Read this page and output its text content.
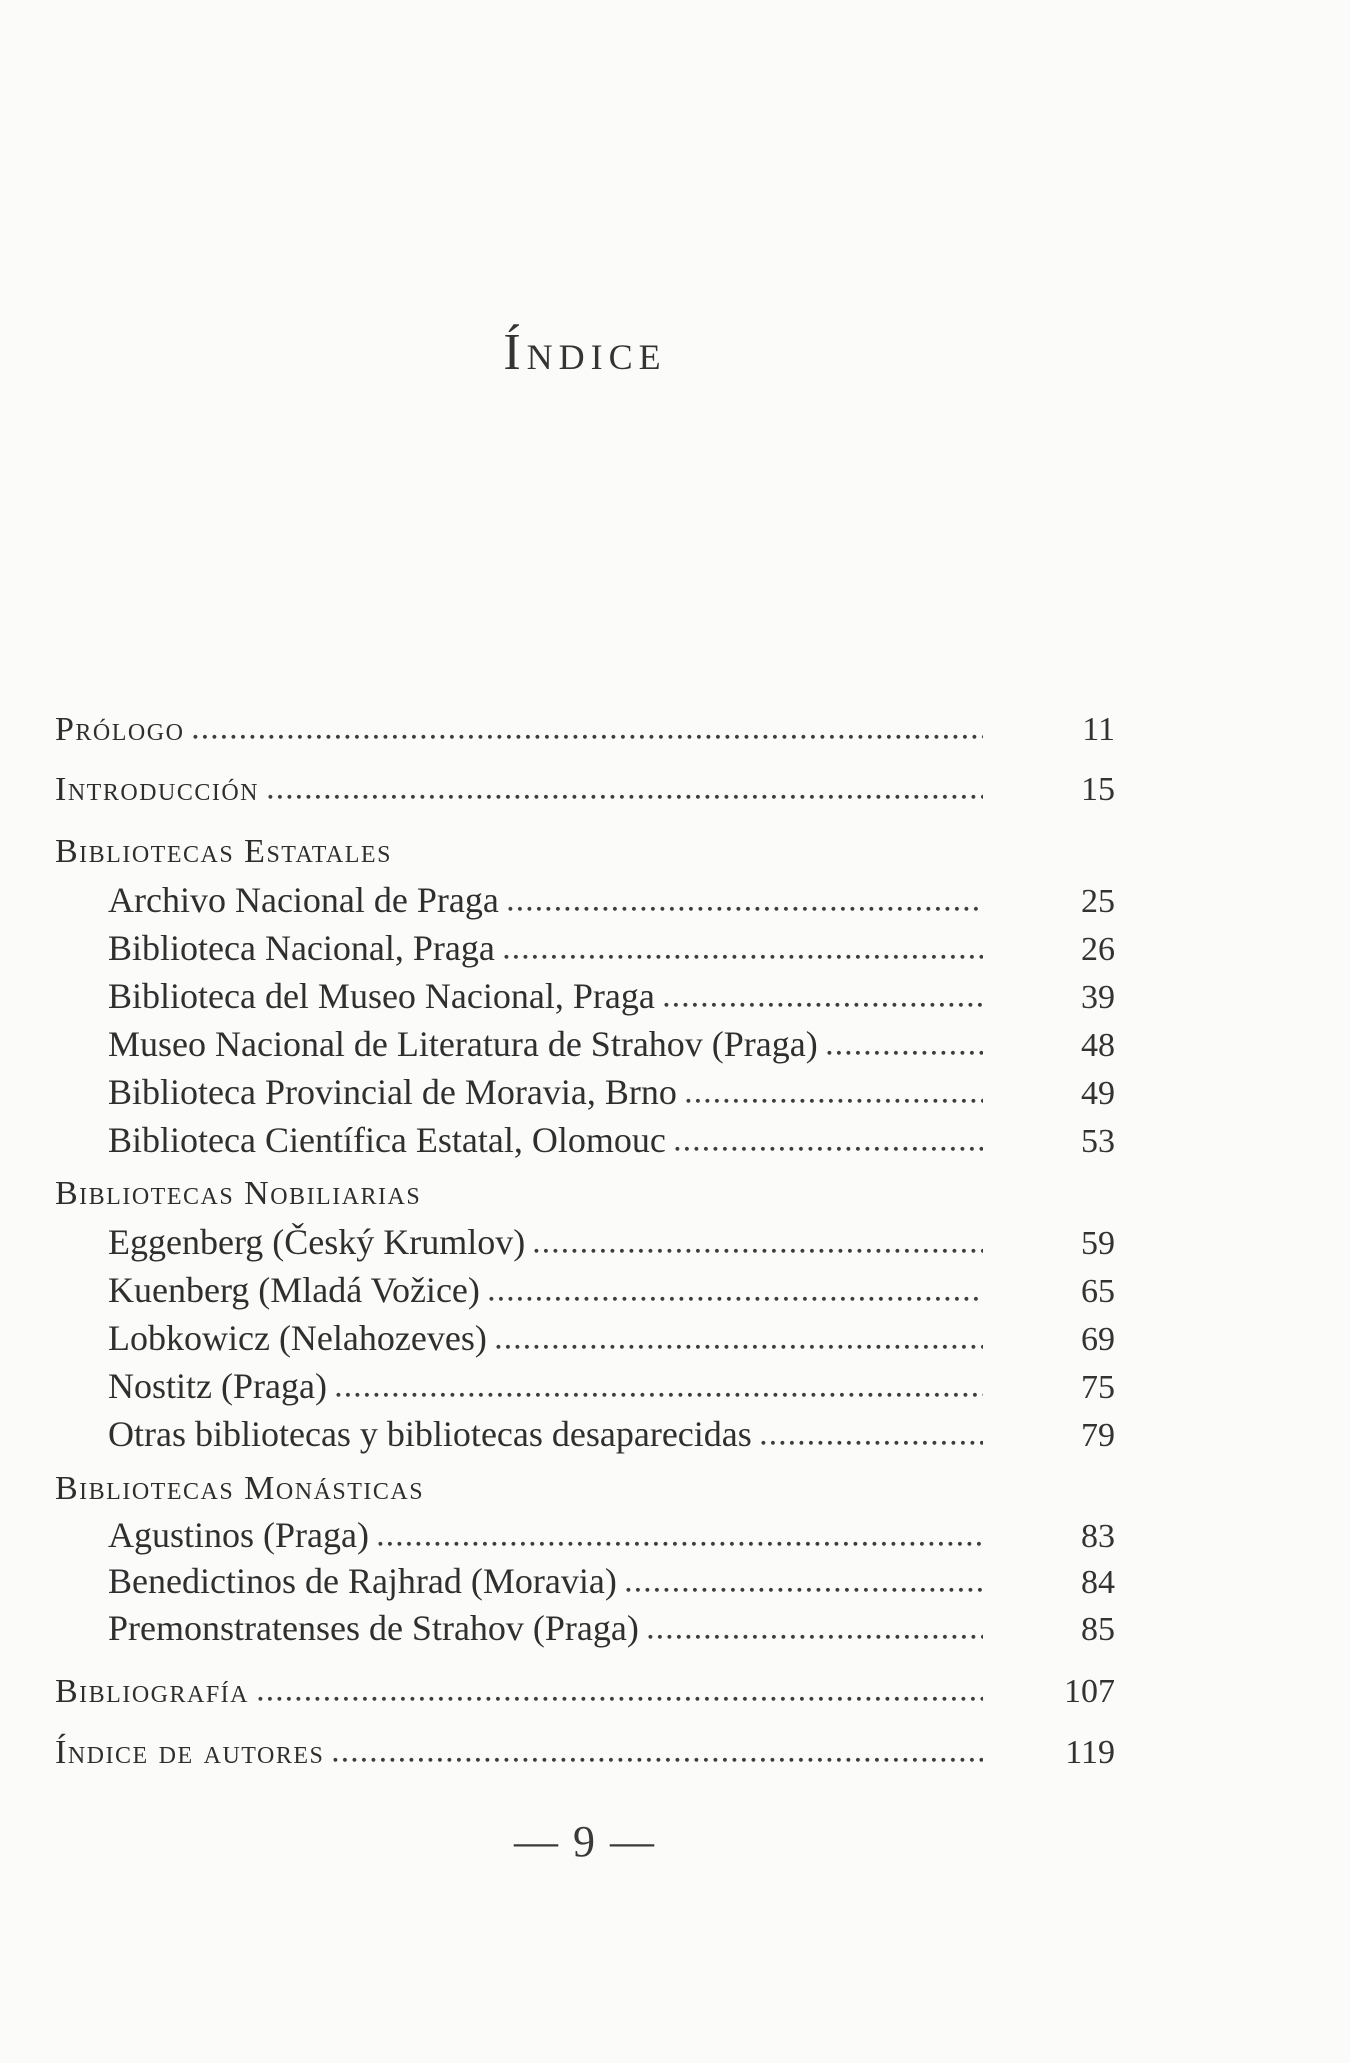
Índice
Prólogo	11
Introducción	15
Bibliotecas Estatales
Archivo Nacional de Praga	25
Biblioteca Nacional, Praga	26
Biblioteca del Museo Nacional, Praga	39
Museo Nacional de Literatura de Strahov (Praga)	48
Biblioteca Provincial de Moravia, Brno	49
Biblioteca Científica Estatal, Olomouc	53
Bibliotecas Nobiliarias
Eggenberg (Český Krumlov)	59
Kuenberg (Mladá Vožice)	65
Lobkowicz (Nelahozeves)	69
Nostitz (Praga)	75
Otras bibliotecas y bibliotecas desaparecidas	79
Bibliotecas Monásticas
Agustinos (Praga)	83
Benedictinos de Rajhrad (Moravia)	84
Premonstratenses de Strahov (Praga)	85
Bibliografía	107
Índice de autores	119
— 9 —
